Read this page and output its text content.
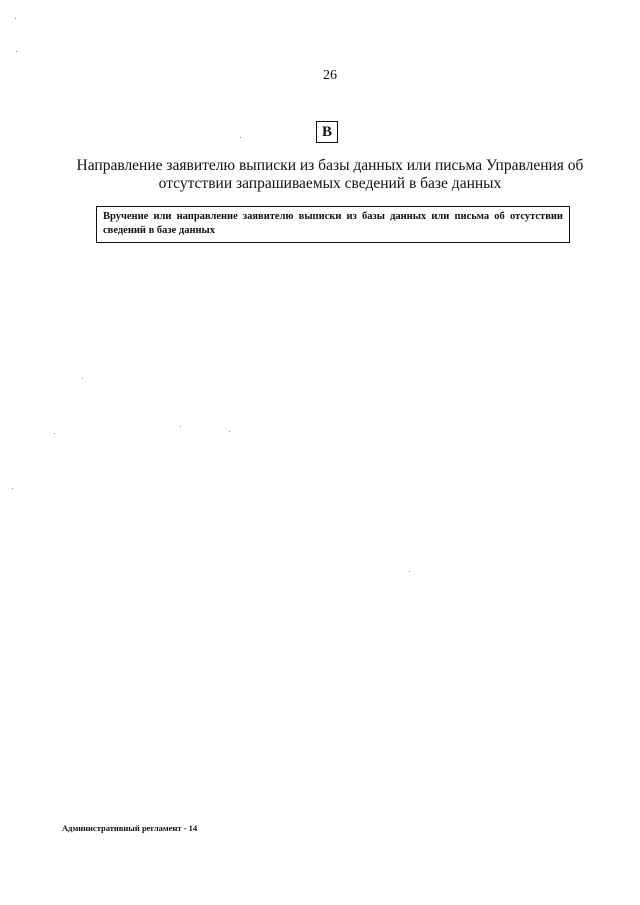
26
В
Направление заявителю выписки из базы данных или письма Управления об отсутствии запрашиваемых сведений в базе данных
Вручение или направление заявителю выписки из базы данных или письма об отсутствии сведений в базе данных
Административный регламент - 14
